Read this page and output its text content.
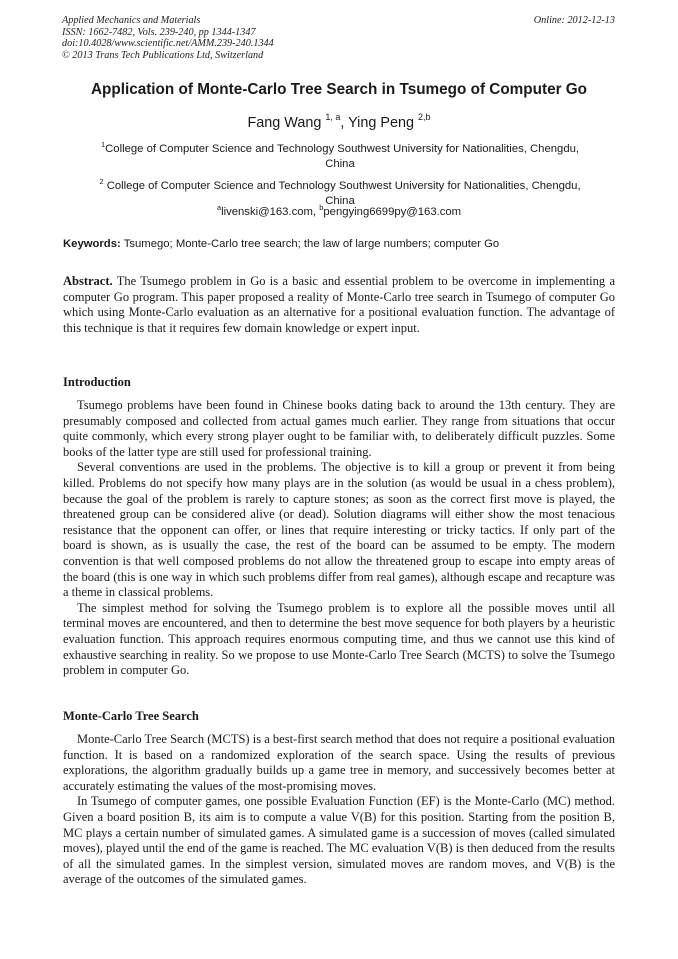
Applied Mechanics and Materials
ISSN: 1662-7482, Vols. 239-240, pp 1344-1347
doi:10.4028/www.scientific.net/AMM.239-240.1344
© 2013 Trans Tech Publications Ltd, Switzerland
Online: 2012-12-13
Application of Monte-Carlo Tree Search in Tsumego of Computer Go
Fang Wang $^{1, a}$, Ying Peng $^{2,b}$
$^1$College of Computer Science and Technology Southwest University for Nationalities, Chengdu, China
$^2$ College of Computer Science and Technology Southwest University for Nationalities, Chengdu, China
$^a$livenski@163.com, $^b$pengying6699py@163.com
Keywords: Tsumego; Monte-Carlo tree search; the law of large numbers; computer Go
Abstract. The Tsumego problem in Go is a basic and essential problem to be overcome in implementing a computer Go program. This paper proposed a reality of Monte-Carlo tree search in Tsumego of computer Go which using Monte-Carlo evaluation as an alternative for a positional evaluation function. The advantage of this technique is that it requires few domain knowledge or expert input.
Introduction

Tsumego problems have been found in Chinese books dating back to around the 13th century. They are presumably composed and collected from actual games much earlier. They range from situations that occur quite commonly, which every strong player ought to be familiar with, to deliberately difficult puzzles. Some books of the latter type are still used for professional training.

Several conventions are used in the problems. The objective is to kill a group or prevent it from being killed. Problems do not specify how many plays are in the solution (as would be usual in a chess problem), because the goal of the problem is rarely to capture stones; as soon as the correct first move is played, the threatened group can be considered alive (or dead). Solution diagrams will either show the most tenacious resistance that the opponent can offer, or lines that require interesting or tricky tactics. If only part of the board is shown, as is usually the case, the rest of the board can be assumed to be empty. The modern convention is that well composed problems do not allow the threatened group to escape into empty areas of the board (this is one way in which such problems differ from real games), although escape and recapture was a theme in classical problems.

The simplest method for solving the Tsumego problem is to explore all the possible moves until all terminal moves are encountered, and then to determine the best move sequence for both players by a heuristic evaluation function. This approach requires enormous computing time, and thus we cannot use this kind of exhaustive searching in reality. So we propose to use Monte-Carlo Tree Search (MCTS) to solve the Tsumego problem in computer Go.

Monte-Carlo Tree Search

Monte-Carlo Tree Search (MCTS) is a best-first search method that does not require a positional evaluation function. It is based on a randomized exploration of the search space. Using the results of previous explorations, the algorithm gradually builds up a game tree in memory, and successively becomes better at accurately estimating the values of the most-promising moves.

In Tsumego of computer games, one possible Evaluation Function (EF) is the Monte-Carlo (MC) method. Given a board position B, its aim is to compute a value V(B) for this position. Starting from the position B, MC plays a certain number of simulated games. A simulated game is a succession of moves (called simulated moves), played until the end of the game is reached. The MC evaluation V(B) is then deduced from the results of all the simulated games. In the simplest version, simulated moves are random moves, and V(B) is the average of the outcomes of the simulated games.
